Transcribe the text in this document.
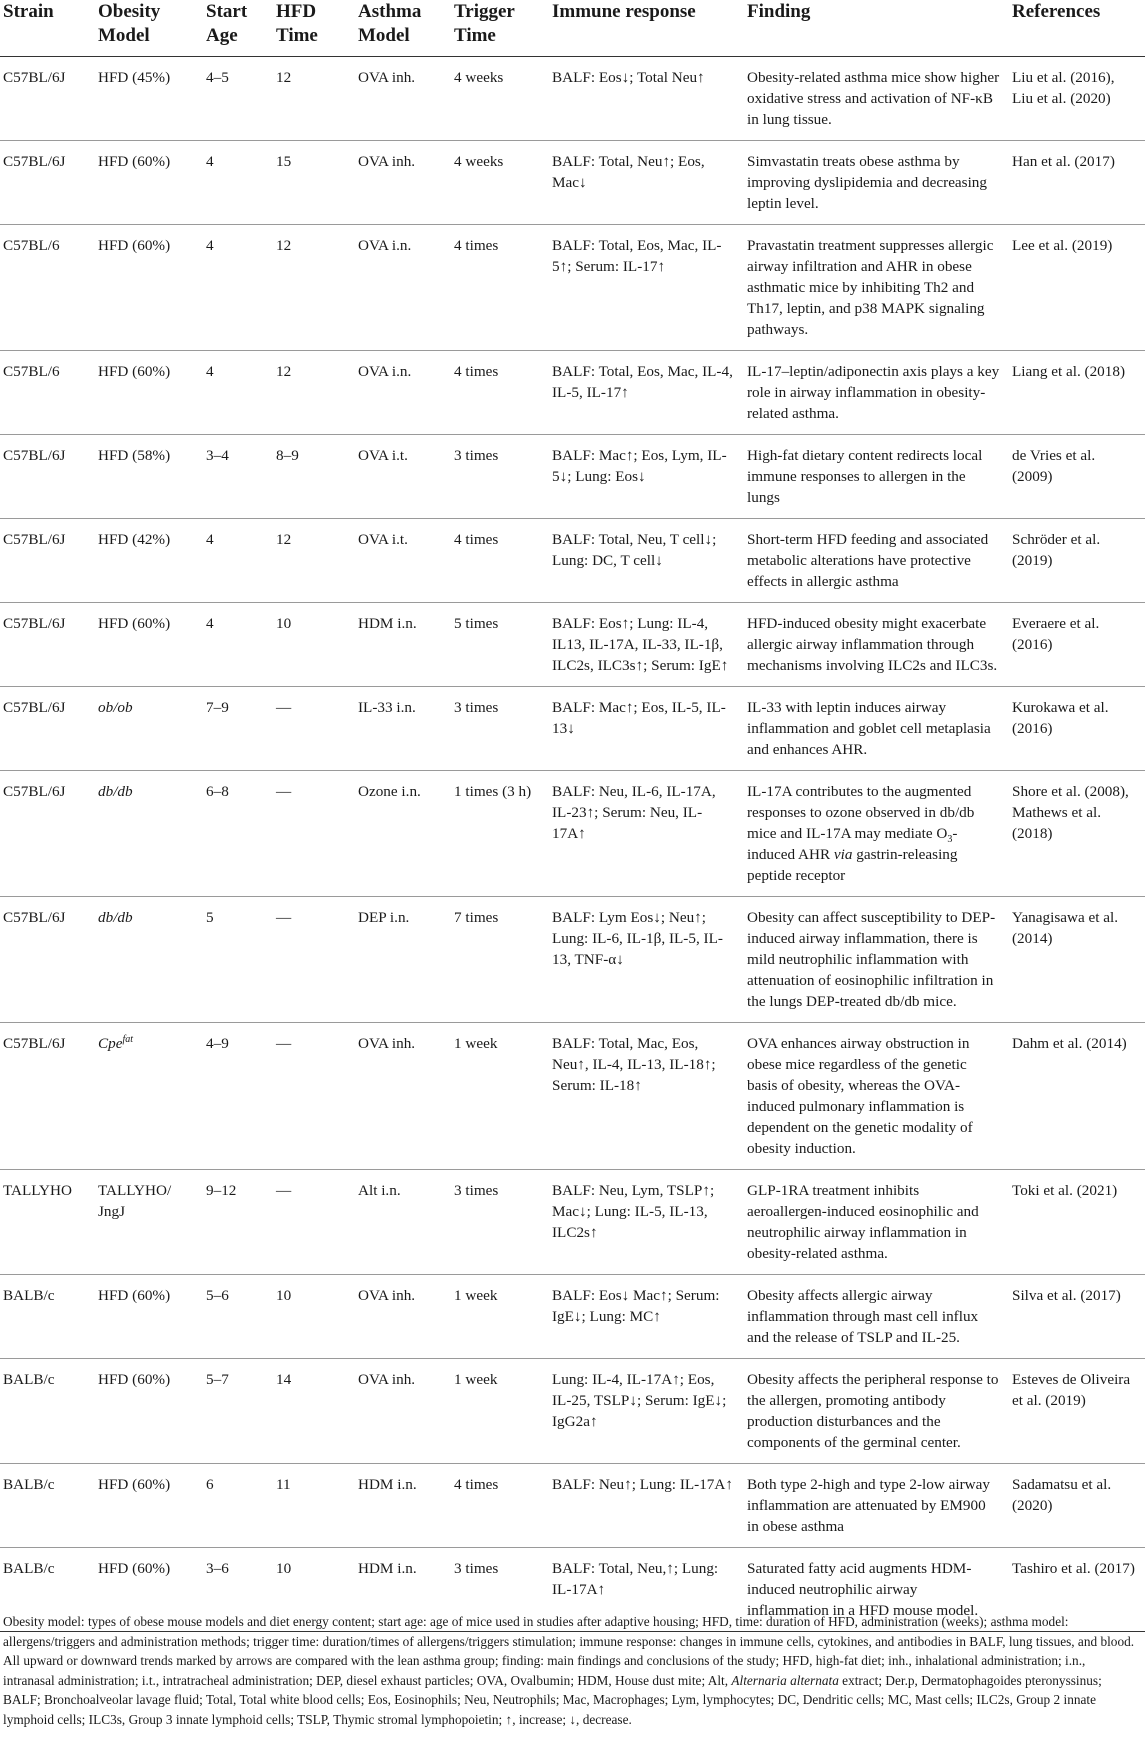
Strain	Obesity Model	Start Age	HFD Time	Asthma Model	Trigger Time	Immune response	Finding	References
C57BL/6J	HFD (45%)	4–5	12	OVA inh.	4 weeks	BALF: Eos↓; Total Neu↑	Obesity-related asthma mice show higher oxidative stress and activation of NF-κB in lung tissue.	Liu et al. (2016), Liu et al. (2020)
C57BL/6J	HFD (60%)	4	15	OVA inh.	4 weeks	BALF: Total, Neu↑; Eos, Mac↓	Simvastatin treats obese asthma by improving dyslipidemia and decreasing leptin level.	Han et al. (2017)
C57BL/6	HFD (60%)	4	12	OVA i.n.	4 times	BALF: Total, Eos, Mac, IL-5↑; Serum: IL-17↑	Pravastatin treatment suppresses allergic airway infiltration and AHR in obese asthmatic mice by inhibiting Th2 and Th17, leptin, and p38 MAPK signaling pathways.	Lee et al. (2019)
C57BL/6	HFD (60%)	4	12	OVA i.n.	4 times	BALF: Total, Eos, Mac, IL-4, IL-5, IL-17↑	IL-17–leptin/adiponectin axis plays a key role in airway inflammation in obesity-related asthma.	Liang et al. (2018)
C57BL/6J	HFD (58%)	3–4	8–9	OVA i.t.	3 times	BALF: Mac↑; Eos, Lym, IL-5↓; Lung: Eos↓	High-fat dietary content redirects local immune responses to allergen in the lungs	de Vries et al. (2009)
C57BL/6J	HFD (42%)	4	12	OVA i.t.	4 times	BALF: Total, Neu, T cell↓; Lung: DC, T cell↓	Short-term HFD feeding and associated metabolic alterations have protective effects in allergic asthma	Schröder et al. (2019)
C57BL/6J	HFD (60%)	4	10	HDM i.n.	5 times	BALF: Eos↑; Lung: IL-4, IL13, IL-17A, IL-33, IL-1β, ILC2s, ILC3s↑; Serum: IgE↑	HFD-induced obesity might exacerbate allergic airway inflammation through mechanisms involving ILC2s and ILC3s.	Everaere et al. (2016)
C57BL/6J	ob/ob	7–9	—	IL-33 i.n.	3 times	BALF: Mac↑; Eos, IL-5, IL-13↓	IL-33 with leptin induces airway inflammation and goblet cell metaplasia and enhances AHR.	Kurokawa et al. (2016)
C57BL/6J	db/db	6–8	—	Ozone i.n.	1 times (3 h)	BALF: Neu, IL-6, IL-17A, IL-23↑; Serum: Neu, IL-17A↑	IL-17A contributes to the augmented responses to ozone observed in db/db mice and IL-17A may mediate $O_3$-induced AHR via gastrin-releasing peptide receptor	Shore et al. (2008), Mathews et al. (2018)
C57BL/6J	db/db	5	—	DEP i.n.	7 times	BALF: Lym Eos↓; Neu↑; Lung: IL-6, IL-1β, IL-5, IL-13, TNF-α↓	Obesity can affect susceptibility to DEP-induced airway inflammation, there is mild neutrophilic inflammation with attenuation of eosinophilic infiltration in the lungs DEP-treated db/db mice.	Yanagisawa et al. (2014)
C57BL/6J	Cpe$^{fat}$	4–9	—	OVA inh.	1 week	BALF: Total, Mac, Eos, Neu↑, IL-4, IL-13, IL-18↑; Serum: IL-18↑	OVA enhances airway obstruction in obese mice regardless of the genetic basis of obesity, whereas the OVA-induced pulmonary inflammation is dependent on the genetic modality of obesity induction.	Dahm et al. (2014)
TALLYHO	TALLYHO/ JngJ	9–12	—	Alt i.n.	3 times	BALF: Neu, Lym, TSLP↑; Mac↓; Lung: IL-5, IL-13, ILC2s↑	GLP-1RA treatment inhibits aeroallergen-induced eosinophilic and neutrophilic airway inflammation in obesity-related asthma.	Toki et al. (2021)
BALB/c	HFD (60%)	5–6	10	OVA inh.	1 week	BALF: Eos↓ Mac↑; Serum: IgE↓; Lung: MC↑	Obesity affects allergic airway inflammation through mast cell influx and the release of TSLP and IL-25.	Silva et al. (2017)
BALB/c	HFD (60%)	5–7	14	OVA inh.	1 week	Lung: IL-4, IL-17A↑; Eos, IL-25, TSLP↓; Serum: IgE↓; IgG2a↑	Obesity affects the peripheral response to the allergen, promoting antibody production disturbances and the components of the germinal center.	Esteves de Oliveira et al. (2019)
BALB/c	HFD (60%)	6	11	HDM i.n.	4 times	BALF: Neu↑; Lung: IL-17A↑	Both type 2-high and type 2-low airway inflammation are attenuated by EM900 in obese asthma	Sadamatsu et al. (2020)
BALB/c	HFD (60%)	3–6	10	HDM i.n.	3 times	BALF: Total, Neu,↑; Lung: IL-17A↑	Saturated fatty acid augments HDM-induced neutrophilic airway inflammation in a HFD mouse model.	Tashiro et al. (2017)

Obesity model: types of obese mouse models and diet energy content; start age: age of mice used in studies after adaptive housing; HFD, time: duration of HFD, administration (weeks); asthma model: allergens/triggers and administration methods; trigger time: duration/times of allergens/triggers stimulation; immune response: changes in immune cells, cytokines, and antibodies in BALF, lung tissues, and blood. All upward or downward trends marked by arrows are compared with the lean asthma group; finding: main findings and conclusions of the study; HFD, high-fat diet; inh., inhalational administration; i.n., intranasal administration; i.t., intratracheal administration; DEP, diesel exhaust particles; OVA, Ovalbumin; HDM, House dust mite; Alt, Alternaria alternata extract; Der.p, Dermatophagoides pteronyssinus; BALF; Bronchoalveolar lavage fluid; Total, Total white blood cells; Eos, Eosinophils; Neu, Neutrophils; Mac, Macrophages; Lym, lymphocytes; DC, Dendritic cells; MC, Mast cells; ILC2s, Group 2 innate lymphoid cells; ILC3s, Group 3 innate lymphoid cells; TSLP, Thymic stromal lymphopoietin; ↑, increase; ↓, decrease.
